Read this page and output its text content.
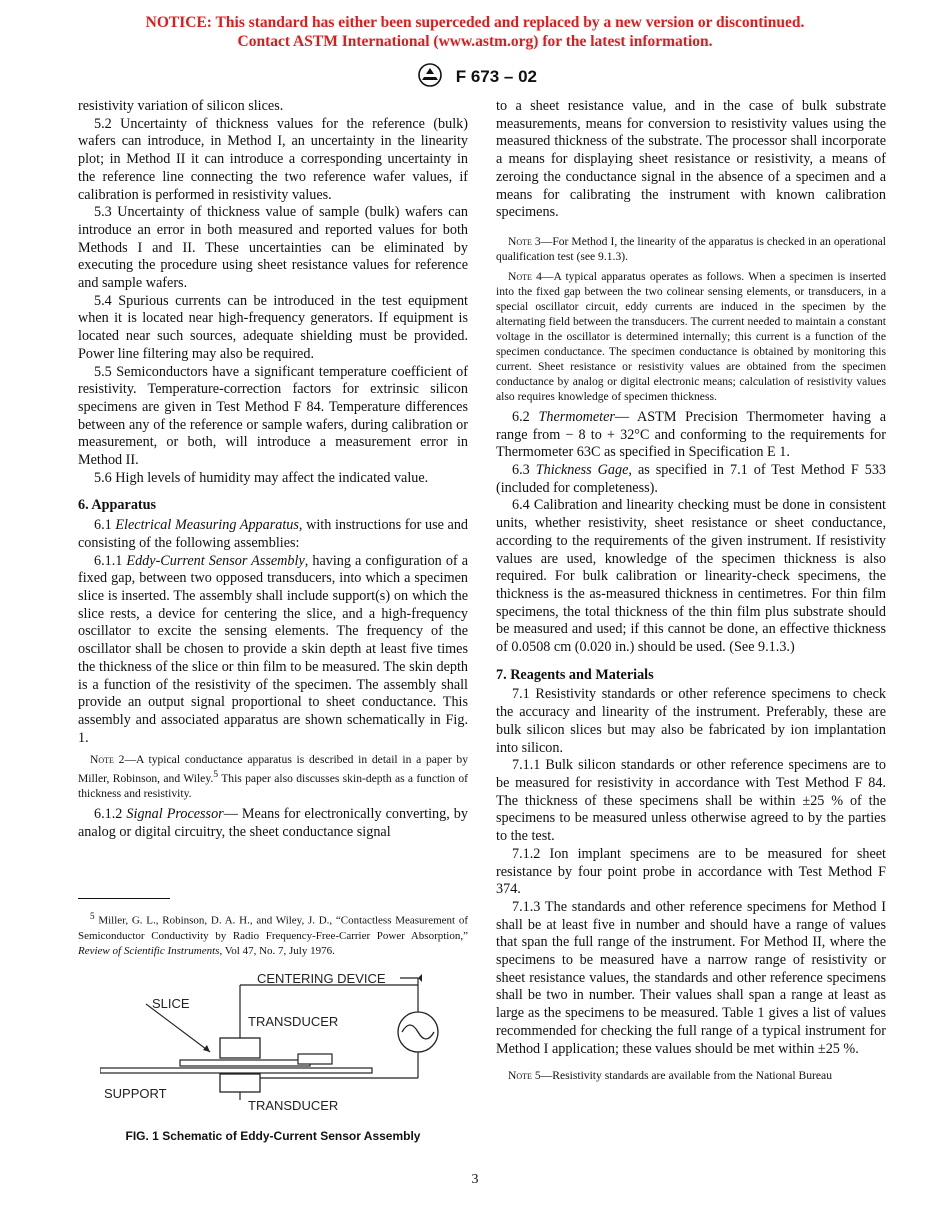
NOTICE: This standard has either been superceded and replaced by a new version or discontinued.
Contact ASTM International (www.astm.org) for the latest information.
F 673 – 02

resistivity variation of silicon slices.

5.2 Uncertainty of thickness values for the reference (bulk) wafers can introduce, in Method I, an uncertainty in the linearity plot; in Method II it can introduce a corresponding uncertainty in the reference line connecting the two reference wafer values, if calibration is performed in resistivity values.

5.3 Uncertainty of thickness value of sample (bulk) wafers can introduce an error in both measured and reported values for both Methods I and II. These uncertainties can be eliminated by executing the procedure using sheet resistance values for reference and sample wafers.

5.4 Spurious currents can be introduced in the test equipment when it is located near high-frequency generators. If equipment is located near such sources, adequate shielding must be provided. Power line filtering may also be required.

5.5 Semiconductors have a significant temperature coefficient of resistivity. Temperature-correction factors for extrinsic silicon specimens are given in Test Method F 84. Temperature differences between any of the reference or sample wafers, during calibration or measurement, or both, will introduce a measurement error in Method II.

5.6 High levels of humidity may affect the indicated value.

6. Apparatus

6.1 Electrical Measuring Apparatus, with instructions for use and consisting of the following assemblies:

6.1.1 Eddy-Current Sensor Assembly, having a configuration of a fixed gap, between two opposed transducers, into which a specimen slice is inserted. The assembly shall include support(s) on which the slice rests, a device for centering the slice, and a high-frequency oscillator to excite the sensing elements. The frequency of the oscillator shall be chosen to provide a skin depth at least five times the thickness of the slice or thin film to be measured. The skin depth is a function of the resistivity of the specimen. The assembly shall provide an output signal proportional to sheet conductance. This assembly and associated apparatus are shown schematically in Fig. 1.

Note 2—A typical conductance apparatus is described in detail in a paper by Miller, Robinson, and Wiley.$^5$ This paper also discusses skin-depth as a function of thickness and resistivity.

6.1.2 Signal Processor— Means for electronically converting, by analog or digital circuitry, the sheet conductance signal

$^5$ Miller, G. L., Robinson, D. A. H., and Wiley, J. D., “Contactless Measurement of Semiconductor Conductivity by Radio Frequency-Free-Carrier Power Absorption,” Review of Scientific Instruments, Vol 47, No. 7, July 1976.

CENTERING DEVICE
SLICE
TRANSDUCER
SUPPORT
TRANSDUCER
FIG. 1 Schematic of Eddy-Current Sensor Assembly

to a sheet resistance value, and in the case of bulk substrate measurements, means for conversion to resistivity values using the measured thickness of the substrate. The processor shall incorporate a means for displaying sheet resistance or resistivity, a means of zeroing the conductance signal in the absence of a specimen and a means for calibrating the instrument with known calibration specimens.

Note 3—For Method I, the linearity of the apparatus is checked in an operational qualification test (see 9.1.3).

Note 4—A typical apparatus operates as follows. When a specimen is inserted into the fixed gap between the two colinear sensing elements, or transducers, in a special oscillator circuit, eddy currents are induced in the specimen by the alternating field between the transducers. The current needed to maintain a constant voltage in the oscillator is determined internally; this current is a function of the specimen conductance. The specimen conductance is obtained by monitoring this current. Sheet resistance or resistivity values are obtained from the specimen conductance by analog or digital electronic means; calculation of resistivity values also requires knowledge of specimen thickness.

6.2 Thermometer— ASTM Precision Thermometer having a range from − 8 to + 32°C and conforming to the requirements for Thermometer 63C as specified in Specification E 1.

6.3 Thickness Gage, as specified in 7.1 of Test Method F 533 (included for completeness).

6.4 Calibration and linearity checking must be done in consistent units, whether resistivity, sheet resistance or sheet conductance, according to the requirements of the given instrument. If resistivity values are used, knowledge of the specimen thickness is also required. For bulk calibration or linearity-check specimens, the thickness is the as-measured thickness in centimetres. For thin film specimens, the total thickness of the thin film plus substrate should be measured and used; if this cannot be done, an effective thickness of 0.0508 cm (0.020 in.) should be used. (See 9.1.3.)

7. Reagents and Materials

7.1 Resistivity standards or other reference specimens to check the accuracy and linearity of the instrument. Preferably, these are bulk silicon slices but may also be fabricated by ion implantation into silicon.

7.1.1 Bulk silicon standards or other reference specimens are to be measured for resistivity in accordance with Test Method F 84. The thickness of these specimens shall be within ±25 % of the specimens to be measured unless otherwise agreed to by the parties to the test.

7.1.2 Ion implant specimens are to be measured for sheet resistance by four point probe in accordance with Test Method F 374.

7.1.3 The standards and other reference specimens for Method I shall be at least five in number and should have a range of values that span the full range of the instrument. For Method II, where the specimens to be measured have a narrow range of resistivity or sheet resistance values, the standards and other reference specimens shall be two in number. Their values shall span a range at least as large as the specimens to be measured. Table 1 gives a list of values recommended for checking the full range of a typical instrument for Method I application; these values should be met within ±25 %.

Note 5—Resistivity standards are available from the National Bureau

3
